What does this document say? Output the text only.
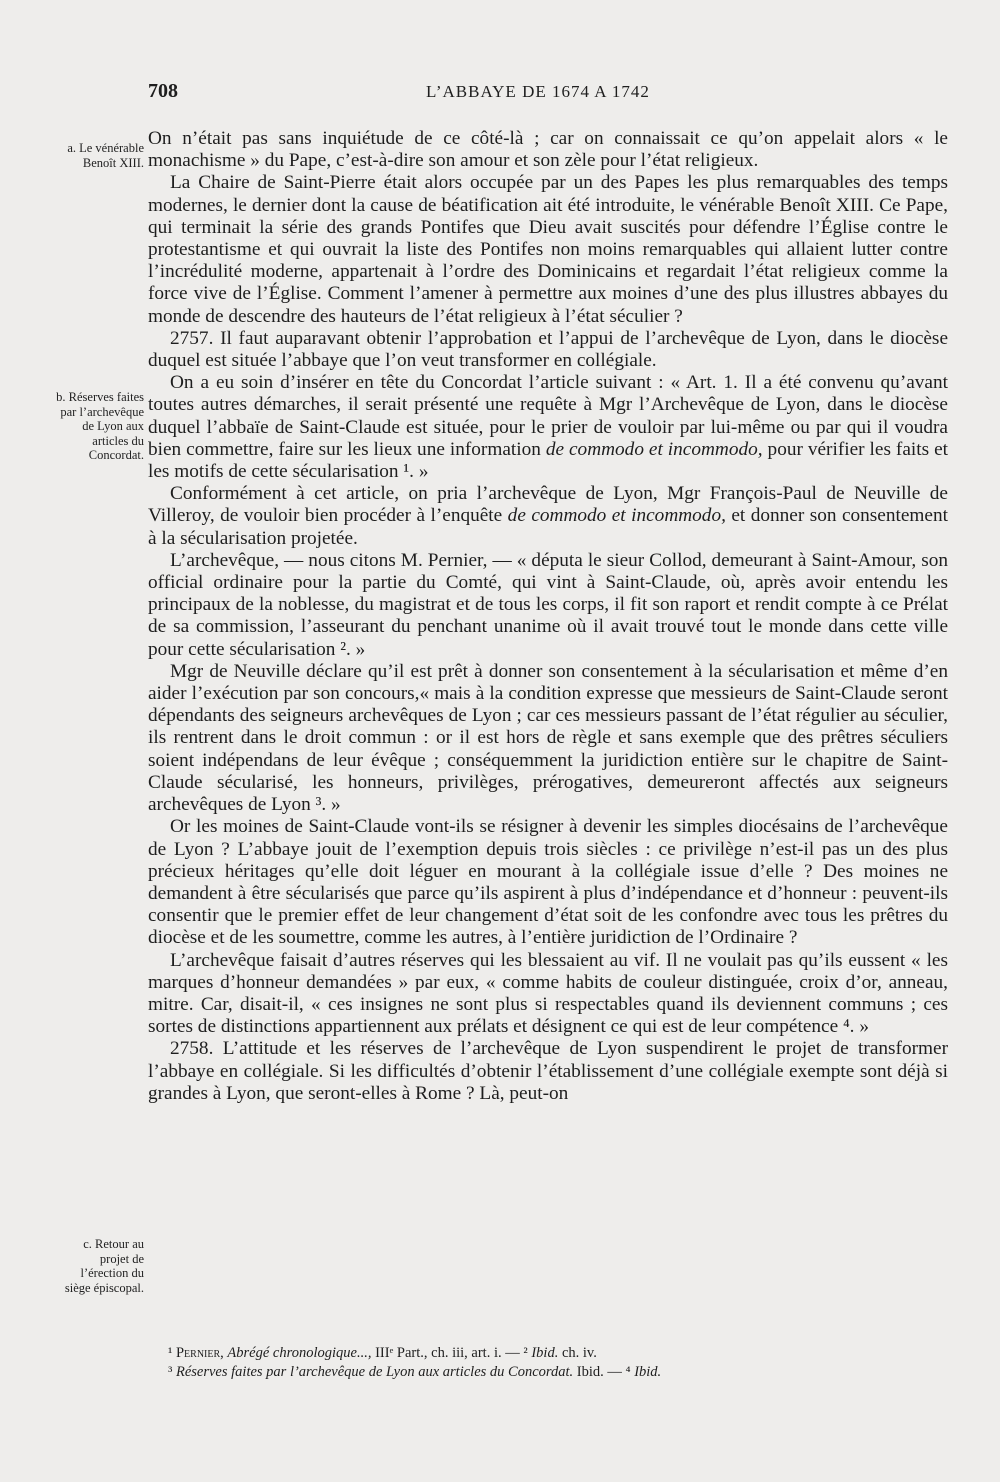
708	L’ABBAYE DE 1674 A 1742
a. Le vénérable Benoît XIII.
b. Réserves faites par l’archevêque de Lyon aux articles du Concordat.
c. Retour au projet de l’érection du siège épiscopal.

On n’était pas sans inquiétude de ce côté-là ; car on connaissait ce qu’on appelait alors « le monachisme » du Pape, c’est-à-dire son amour et son zèle pour l’état religieux.

La Chaire de Saint-Pierre était alors occupée par un des Papes les plus remarquables des temps modernes, le dernier dont la cause de béatification ait été introduite, le vénérable Benoît XIII. Ce Pape, qui terminait la série des grands Pontifes que Dieu avait suscités pour défendre l’Église contre le protestantisme et qui ouvrait la liste des Pontifes non moins remarquables qui allaient lutter contre l’incrédulité moderne, appartenait à l’ordre des Dominicains et regardait l’état religieux comme la force vive de l’Église. Comment l’amener à permettre aux moines d’une des plus illustres abbayes du monde de descendre des hauteurs de l’état religieux à l’état séculier ?

2757. Il faut auparavant obtenir l’approbation et l’appui de l’archevêque de Lyon, dans le diocèse duquel est située l’abbaye que l’on veut transformer en collégiale.

On a eu soin d’insérer en tête du Concordat l’article suivant : « Art. 1. Il a été convenu qu’avant toutes autres démarches, il serait présenté une requête à Mgr l’Archevêque de Lyon, dans le diocèse duquel l’abbaïe de Saint-Claude est située, pour le prier de vouloir par lui-même ou par qui il voudra bien commettre, faire sur les lieux une information de commodo et incommodo, pour vérifier les faits et les motifs de cette sécularisation ¹. »

Conformément à cet article, on pria l’archevêque de Lyon, Mgr François-Paul de Neuville de Villeroy, de vouloir bien procéder à l’enquête de commodo et incommodo, et donner son consentement à la sécularisation projetée.

L’archevêque, — nous citons M. Pernier, — « députa le sieur Collod, demeurant à Saint-Amour, son official ordinaire pour la partie du Comté, qui vint à Saint-Claude, où, après avoir entendu les principaux de la noblesse, du magistrat et de tous les corps, il fit son raport et rendit compte à ce Prélat de sa commission, l’asseurant du penchant unanime où il avait trouvé tout le monde dans cette ville pour cette sécularisation ². »

Mgr de Neuville déclare qu’il est prêt à donner son consentement à la sécularisation et même d’en aider l’exécution par son concours,« mais à la condition expresse que messieurs de Saint-Claude seront dépendants des seigneurs archevêques de Lyon ; car ces messieurs passant de l’état régulier au séculier, ils rentrent dans le droit commun : or il est hors de règle et sans exemple que des prêtres séculiers soient indépendans de leur évêque ; conséquemment la juridiction entière sur le chapitre de Saint-Claude sécularisé, les honneurs, privilèges, prérogatives, demeureront affectés aux seigneurs archevêques de Lyon ³. »

Or les moines de Saint-Claude vont-ils se résigner à devenir les simples diocésains de l’archevêque de Lyon ? L’abbaye jouit de l’exemption depuis trois siècles : ce privilège n’est-il pas un des plus précieux héritages qu’elle doit léguer en mourant à la collégiale issue d’elle ? Des moines ne demandent à être sécularisés que parce qu’ils aspirent à plus d’indépendance et d’honneur : peuvent-ils consentir que le premier effet de leur changement d’état soit de les confondre avec tous les prêtres du diocèse et de les soumettre, comme les autres, à l’entière juridiction de l’Ordinaire ?

L’archevêque faisait d’autres réserves qui les blessaient au vif. Il ne voulait pas qu’ils eussent « les marques d’honneur demandées » par eux, « comme habits de couleur distinguée, croix d’or, anneau, mitre. Car, disait-il, « ces insignes ne sont plus si respectables quand ils deviennent communs ; ces sortes de distinctions appartiennent aux prélats et désignent ce qui est de leur compétence ⁴. »

2758. L’attitude et les réserves de l’archevêque de Lyon suspendirent le projet de transformer l’abbaye en collégiale. Si les difficultés d’obtenir l’établissement d’une collégiale exempte sont déjà si grandes à Lyon, que seront-elles à Rome ? Là, peut-on

¹ Pernier, Abrégé chronologique..., IIIᵉ Part., ch. iii, art. i. — ² Ibid. ch. iv.
³ Réserves faites par l’archevêque de Lyon aux articles du Concordat. Ibid. — ⁴ Ibid.
